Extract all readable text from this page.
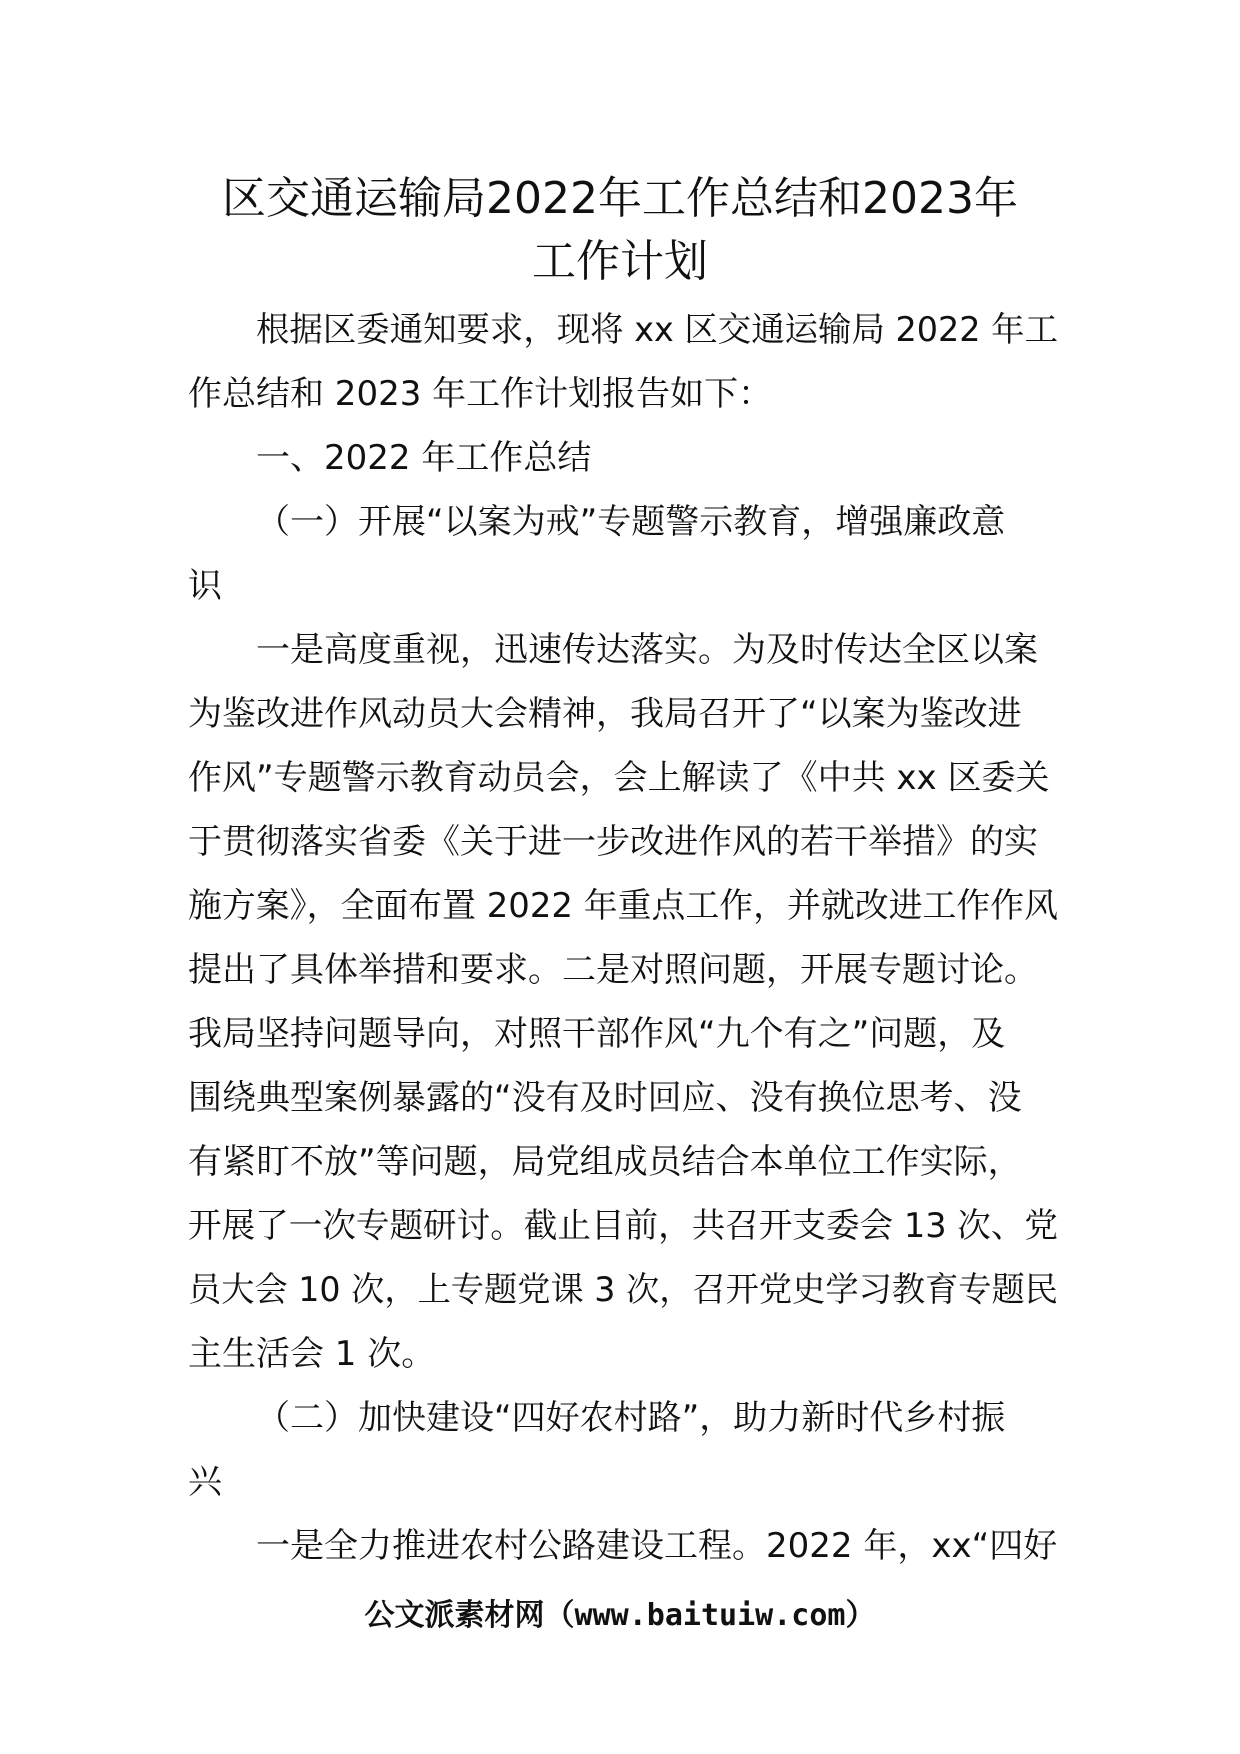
区交通运输局2022年工作总结和2023年
工作计划
根据区委通知要求，现将 xx 区交通运输局 2022 年工
作总结和 2023 年工作计划报告如下：
一、2022 年工作总结
（一）开展“以案为戒”专题警示教育，增强廉政意
识
一是高度重视，迅速传达落实。为及时传达全区以案
为鉴改进作风动员大会精神，我局召开了“以案为鉴改进
作风”专题警示教育动员会，会上解读了《中共 xx 区委关
于贯彻落实省委《关于进一步改进作风的若干举措》的实
施方案》，全面布置 2022 年重点工作，并就改进工作作风
提出了具体举措和要求。二是对照问题，开展专题讨论。
我局坚持问题导向，对照干部作风“九个有之”问题，及
围绕典型案例暴露的“没有及时回应、没有换位思考、没
有紧盯不放”等问题，局党组成员结合本单位工作实际，
开展了一次专题研讨。截止目前，共召开支委会 13 次、党
员大会 10 次，上专题党课 3 次，召开党史学习教育专题民
主生活会 1 次。
（二）加快建设“四好农村路”，助力新时代乡村振
兴
一是全力推进农村公路建设工程。2022 年，xx“四好
公文派素材网（www.baituiw.com）
